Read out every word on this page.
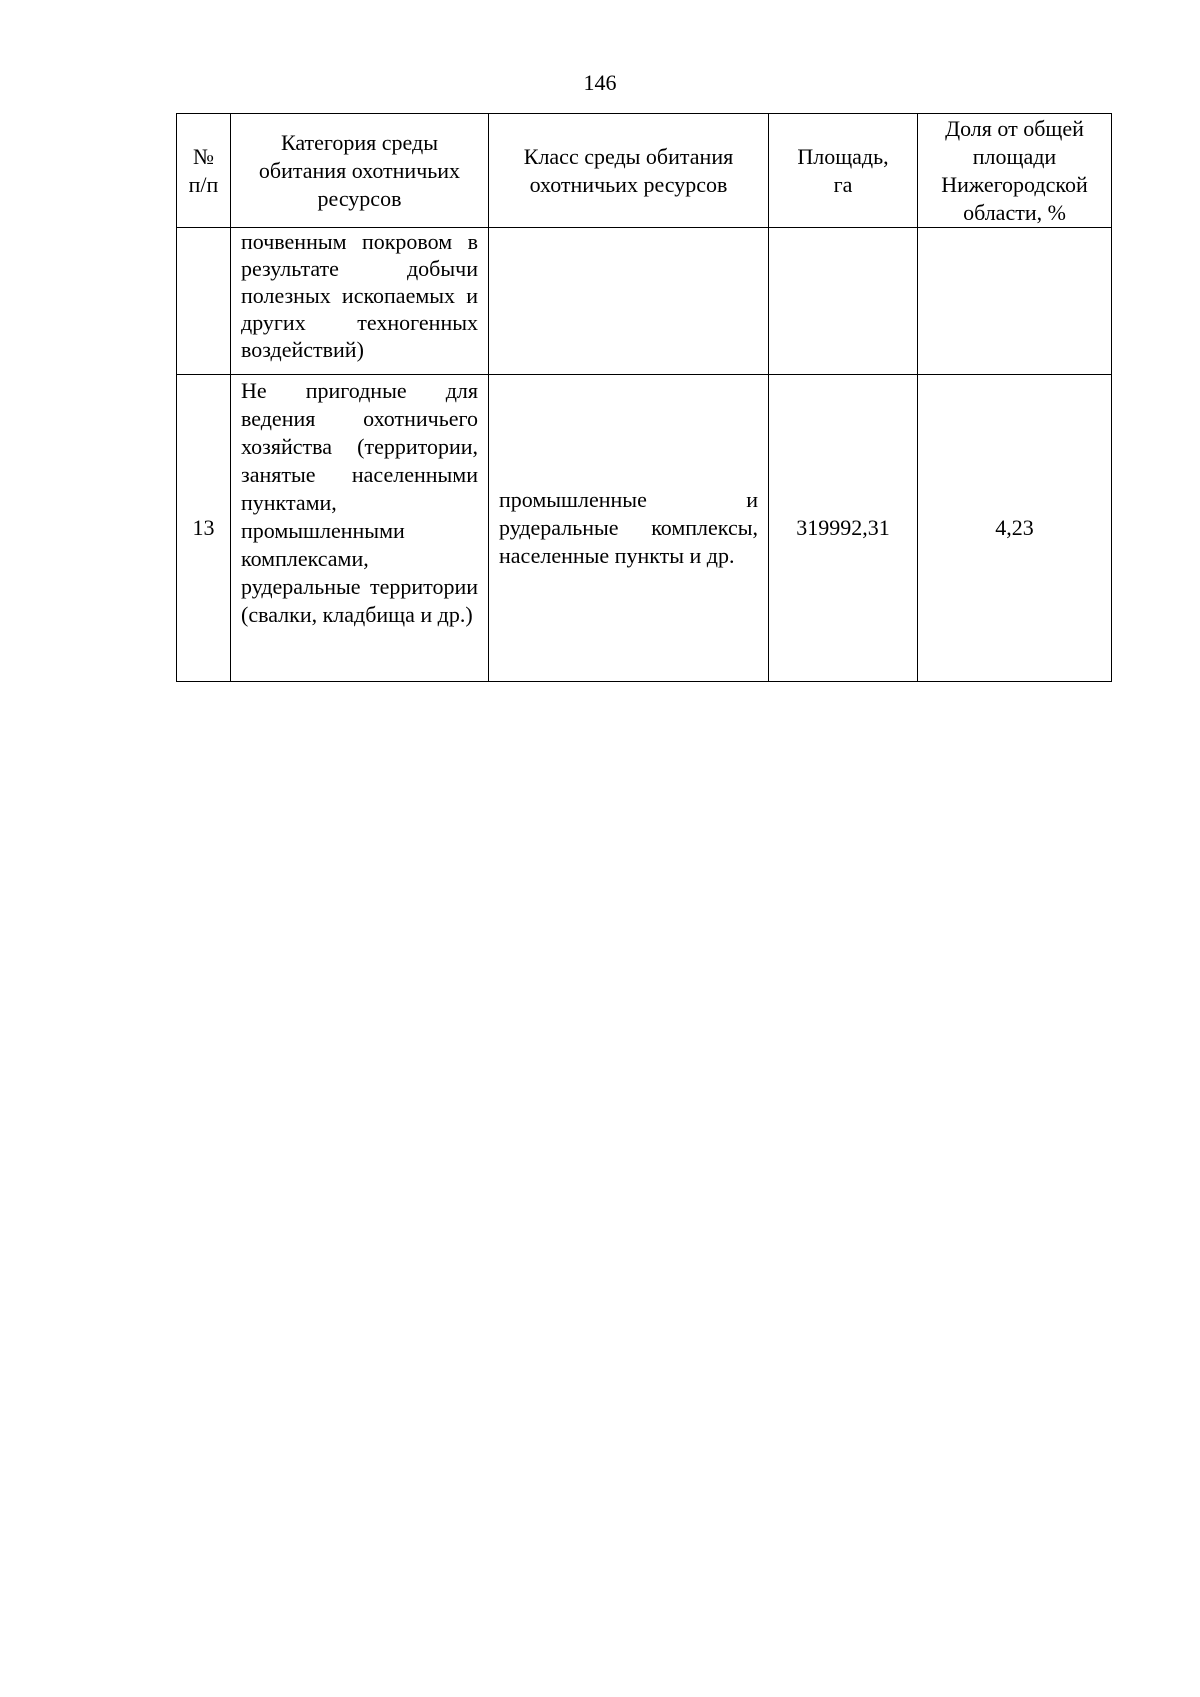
146
№ п/п	Категория среды обитания охотничьих ресурсов	Класс среды обитания охотничьих ресурсов	Площадь, га	Доля от общей площади Нижегородской области, %

	почвенным покровом в результате добычи полезных ископаемых и других техногенных воздействий)			

13	Не пригодные для ведения охотничьего хозяйства (территории, занятые населенными пунктами, промышленными комплексами, рудеральные территории (свалки, кладбища и др.)	промышленные и рудеральные комплексы, населенные пункты и др.	319992,31	4,23
